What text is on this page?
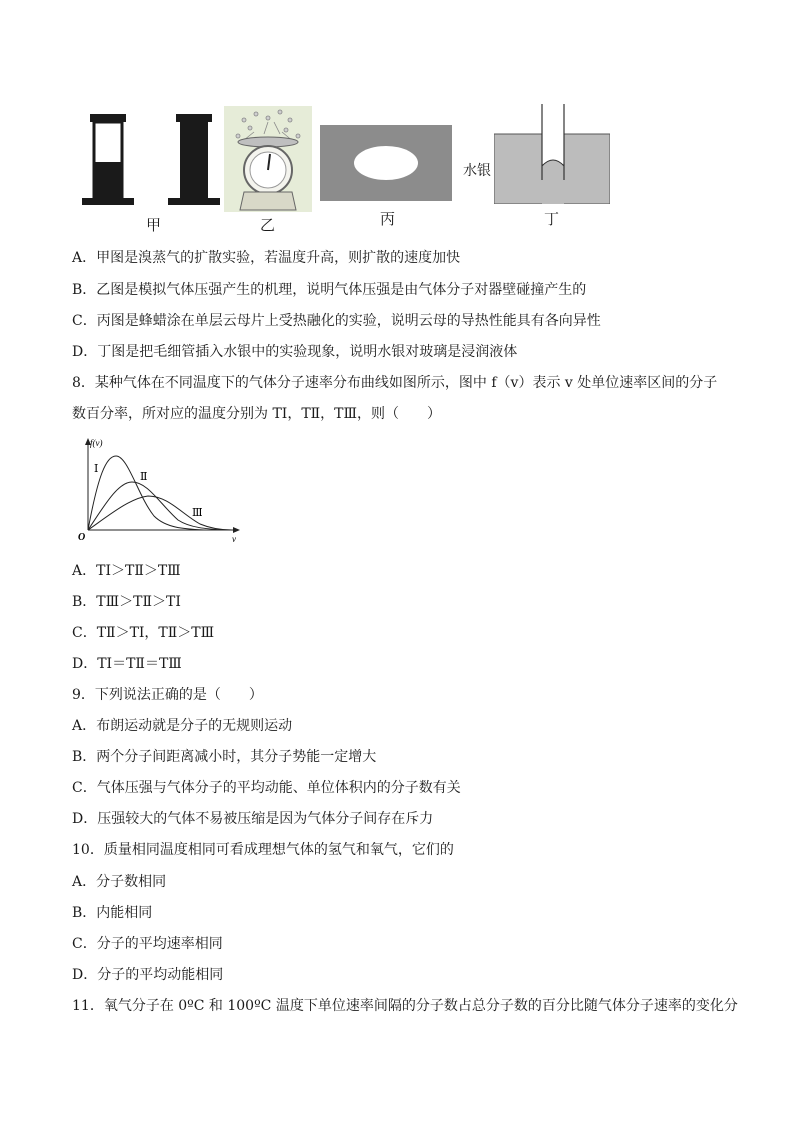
甲	乙	丙
水银
丁
A．甲图是溴蒸气的扩散实验，若温度升高，则扩散的速度加快
B．乙图是模拟气体压强产生的机理，说明气体压强是由气体分子对器壁碰撞产生的
C．丙图是蜂蜡涂在单层云母片上受热融化的实验，说明云母的导热性能具有各向异性
D．丁图是把毛细管插入水银中的实验现象，说明水银对玻璃是浸润液体
8．某种气体在不同温度下的气体分子速率分布曲线如图所示，图中 f（v）表示 v 处单位速率区间的分子
数百分率，所对应的温度分别为 TⅠ，TⅡ，TⅢ，则（　　）
f(v)
v
O
Ⅰ
Ⅱ
Ⅲ
A．TⅠ＞TⅡ＞TⅢ
B．TⅢ＞TⅡ＞TⅠ
C．TⅡ＞TⅠ，TⅡ＞TⅢ
D．TⅠ＝TⅡ＝TⅢ
9．下列说法正确的是（　　）
A．布朗运动就是分子的无规则运动
B．两个分子间距离减小时，其分子势能一定增大
C．气体压强与气体分子的平均动能、单位体积内的分子数有关
D．压强较大的气体不易被压缩是因为气体分子间存在斥力
10．质量相同温度相同可看成理想气体的氢气和氧气，它们的
A．分子数相同
B．内能相同
C．分子的平均速率相同
D．分子的平均动能相同
11．氧气分子在 0ºC 和 100ºC 温度下单位速率间隔的分子数占总分子数的百分比随气体分子速率的变化分
